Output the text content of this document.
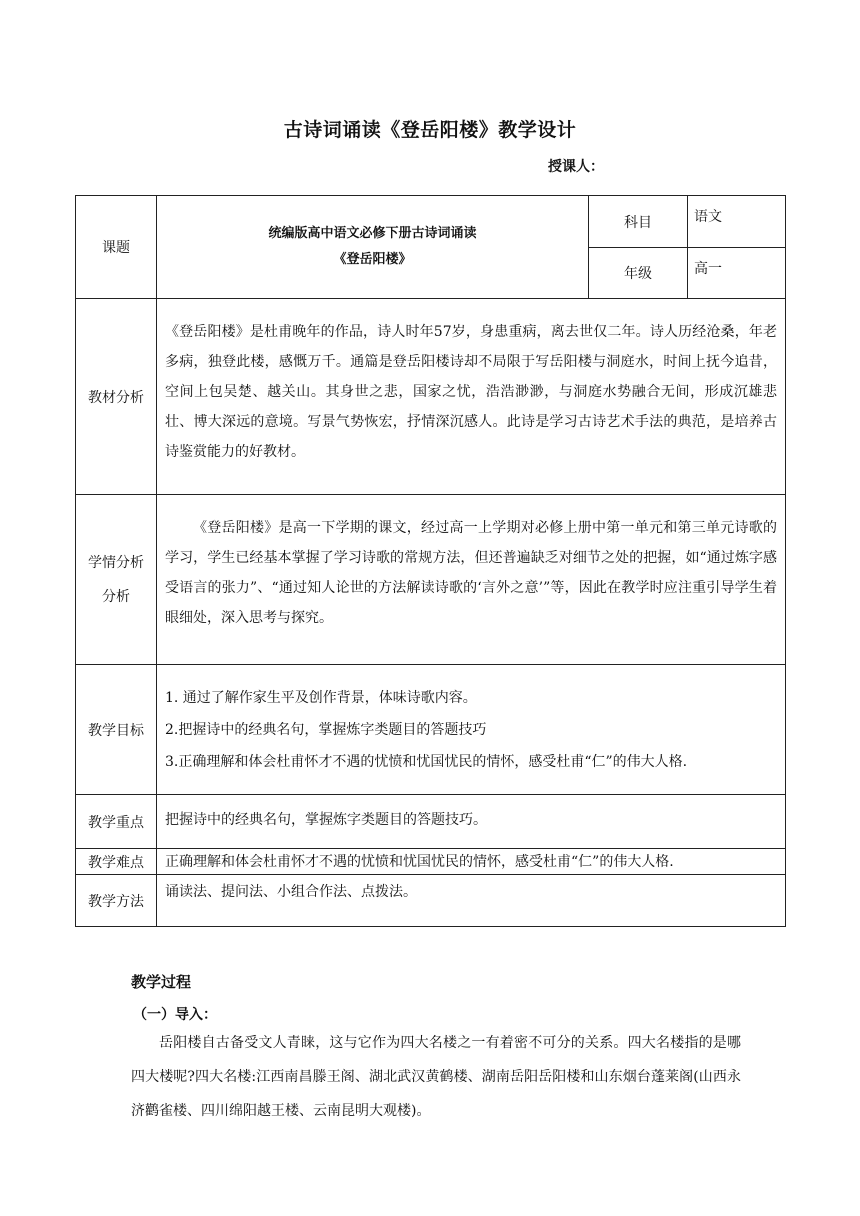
古诗词诵读《登岳阳楼》教学设计
授课人：
课题	统编版高中语文必修下册古诗词诵读
《登岳阳楼》	科目	语文
		年级	高一
教材分析	《登岳阳楼》是杜甫晚年的作品，诗人时年57岁，身患重病，离去世仅二年。诗人历经沧桑，年老多病，独登此楼，感慨万千。通篇是登岳阳楼诗却不局限于写岳阳楼与洞庭水，时间上抚今追昔，空间上包吴楚、越关山。其身世之悲，国家之忧，浩浩渺渺，与洞庭水势融合无间，形成沉雄悲壮、博大深远的意境。写景气势恢宏，抒情深沉感人。此诗是学习古诗艺术手法的典范，是培养古诗鉴赏能力的好教材。		

学情分析
分析	《登岳阳楼》是高一下学期的课文，经过高一上学期对必修上册中第一单元和第三单元诗歌的学习，学生已经基本掌握了学习诗歌的常规方法，但还普遍缺乏对细节之处的把握，如“通过炼字感受语言的张力”、“通过知人论世的方法解读诗歌的‘言外之意’”等，因此在教学时应注重引导学生着眼细处，深入思考与探究。		

教学目标	1. 通过了解作家生平及创作背景，体味诗歌内容。
2.把握诗中的经典名句，掌握炼字类题目的答题技巧
3.正确理解和体会杜甫怀才不遇的忧愤和忧国忧民的情怀，感受杜甫“仁”的伟大人格.		

教学重点	把握诗中的经典名句，掌握炼字类题目的答题技巧。		
教学难点	正确理解和体会杜甫怀才不遇的忧愤和忧国忧民的情怀，感受杜甫“仁”的伟大人格.		
教学方法	诵读法、提问法、小组合作法、点拨法。		
教学过程
（一）导入：
岳阳楼自古备受文人青睐，这与它作为四大名楼之一有着密不可分的关系。四大名楼指的是哪四大楼呢?四大名楼:江西南昌滕王阁、湖北武汉黄鹤楼、湖南岳阳岳阳楼和山东烟台蓬莱阁(山西永济鹳雀楼、四川绵阳越王楼、云南昆明大观楼)。
